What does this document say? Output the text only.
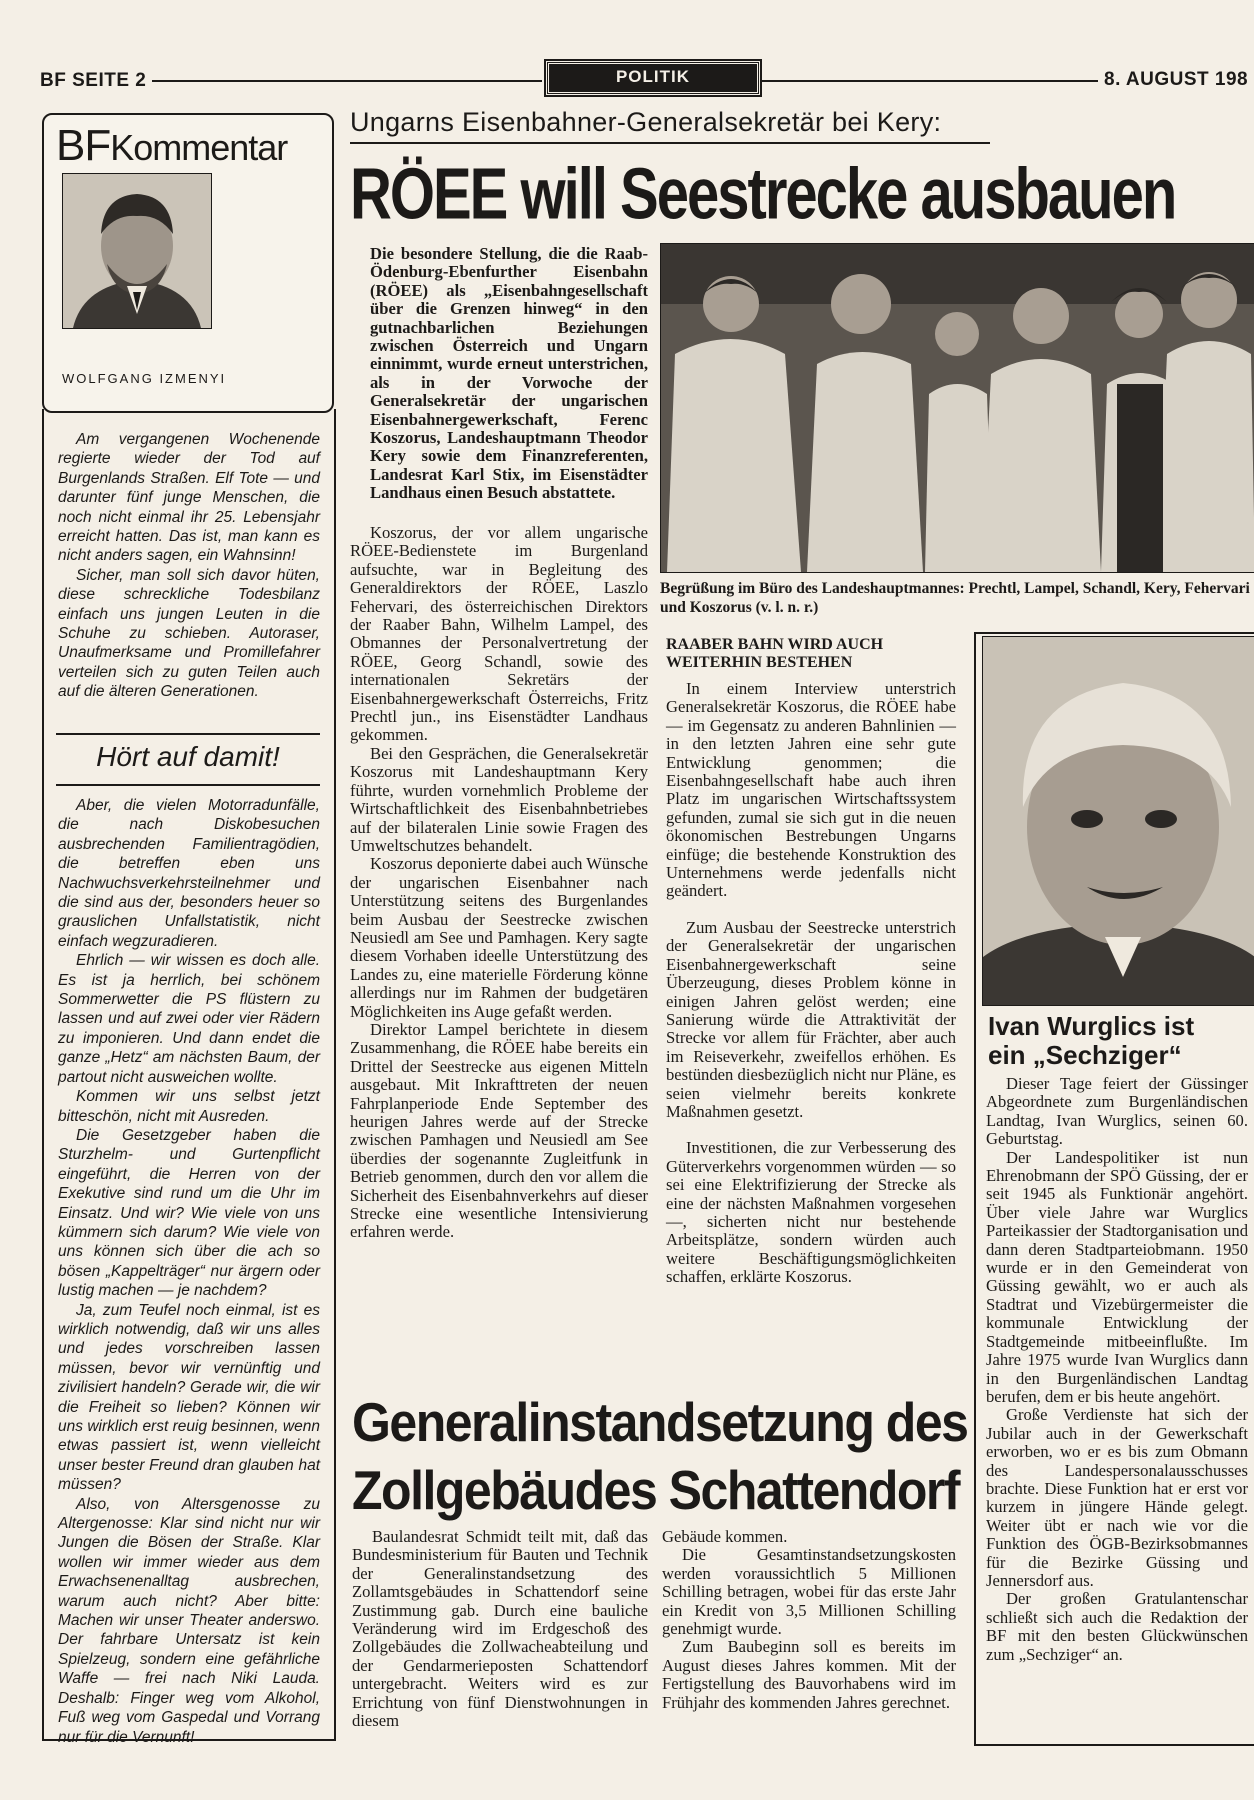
BF SEITE 2	POLITIK	8. AUGUST 198
BFKommentar
WOLFGANG IZMENYI

Am vergangenen Wochenende regierte wieder der Tod auf Burgenlands Straßen. Elf Tote — und darunter fünf junge Menschen, die noch nicht einmal ihr 25. Lebensjahr erreicht hatten. Das ist, man kann es nicht anders sagen, ein Wahnsinn!

Sicher, man soll sich davor hüten, diese schreckliche Todesbilanz einfach uns jungen Leuten in die Schuhe zu schieben. Autoraser, Unaufmerksame und Promillefahrer verteilen sich zu guten Teilen auch auf die älteren Generationen.

Hört auf damit!

Aber, die vielen Motorradunfälle, die nach Diskobesuchen ausbrechenden Familientragödien, die betreffen eben uns Nachwuchsverkehrsteilnehmer und die sind aus der, besonders heuer so grauslichen Unfallstatistik, nicht einfach wegzuradieren.

Ehrlich — wir wissen es doch alle. Es ist ja herrlich, bei schönem Sommerwetter die PS flüstern zu lassen und auf zwei oder vier Rädern zu imponieren. Und dann endet die ganze „Hetz“ am nächsten Baum, der partout nicht ausweichen wollte.

Kommen wir uns selbst jetzt bitteschön, nicht mit Ausreden.

Die Gesetzgeber haben die Sturzhelm- und Gurtenpflicht eingeführt, die Herren von der Exekutive sind rund um die Uhr im Einsatz. Und wir? Wie viele von uns kümmern sich darum? Wie viele von uns können sich über die ach so bösen „Kappelträger“ nur ärgern oder lustig machen — je nachdem?

Ja, zum Teufel noch einmal, ist es wirklich notwendig, daß wir uns alles und jedes vorschreiben lassen müssen, bevor wir vernünftig und zivilisiert handeln? Gerade wir, die wir die Freiheit so lieben? Können wir uns wirklich erst reuig besinnen, wenn etwas passiert ist, wenn vielleicht unser bester Freund dran glauben hat müssen?

Also, von Altersgenosse zu Altergenosse: Klar sind nicht nur wir Jungen die Bösen der Straße. Klar wollen wir immer wieder aus dem Erwachsenenalltag ausbrechen, warum auch nicht? Aber bitte: Machen wir unser Theater anderswo. Der fahrbare Untersatz ist kein Spielzeug, sondern eine gefährliche Waffe — frei nach Niki Lauda. Deshalb: Finger weg vom Alkohol, Fuß weg vom Gaspedal und Vorrang nur für die Vernunft!

Ungarns Eisenbahner-Generalsekretär bei Kery:
RÖEE will Seestrecke ausbauen
Die besondere Stellung, die die Raab-Ödenburg-Ebenfurther Eisenbahn (RÖEE) als „Eisenbahngesellschaft über die Grenzen hinweg“ in den gutnachbarlichen Beziehungen zwischen Österreich und Ungarn einnimmt, wurde erneut unterstrichen, als in der Vorwoche der Generalsekretär der ungarischen Eisenbahnergewerkschaft, Ferenc Koszorus, Landeshauptmann Theodor Kery sowie dem Finanzreferenten, Landesrat Karl Stix, im Eisenstädter Landhaus einen Besuch abstattete.

Koszorus, der vor allem ungarische RÖEE-Bedienstete im Burgenland aufsuchte, war in Begleitung des Generaldirektors der RÖEE, Laszlo Fehervari, des österreichischen Direktors der Raaber Bahn, Wilhelm Lampel, des Obmannes der Personalvertretung der RÖEE, Georg Schandl, sowie des internationalen Sekretärs der Eisenbahnergewerkschaft Österreichs, Fritz Prechtl jun., ins Eisenstädter Landhaus gekommen.

Bei den Gesprächen, die Generalsekretär Koszorus mit Landeshauptmann Kery führte, wurden vornehmlich Probleme der Wirtschaftlichkeit des Eisenbahnbetriebes auf der bilateralen Linie sowie Fragen des Umweltschutzes behandelt.

Koszorus deponierte dabei auch Wünsche der ungarischen Eisenbahner nach Unterstützung seitens des Burgenlandes beim Ausbau der Seestrecke zwischen Neusiedl am See und Pamhagen. Kery sagte diesem Vorhaben ideelle Unterstützung des Landes zu, eine materielle Förderung könne allerdings nur im Rahmen der budgetären Möglichkeiten ins Auge gefaßt werden.

Direktor Lampel berichtete in diesem Zusammenhang, die RÖEE habe bereits ein Drittel der Seestrecke aus eigenen Mitteln ausgebaut. Mit Inkrafttreten der neuen Fahrplanperiode Ende September des heurigen Jahres werde auf der Strecke zwischen Pamhagen und Neusiedl am See überdies der sogenannte Zugleitfunk in Betrieb genommen, durch den vor allem die Sicherheit des Eisenbahnverkehrs auf dieser Strecke eine wesentliche Intensivierung erfahren werde.

Begrüßung im Büro des Landeshauptmannes: Prechtl, Lampel, Schandl, Kery, Fehervari und Koszorus (v. l. n. r.)
RAABER BAHN WIRD AUCH WEITERHIN BESTEHEN

In einem Interview unterstrich Generalsekretär Koszorus, die RÖEE habe — im Gegensatz zu anderen Bahnlinien — in den letzten Jahren eine sehr gute Entwicklung genommen; die Eisenbahngesellschaft habe auch ihren Platz im ungarischen Wirtschaftssystem gefunden, zumal sie sich gut in die neuen ökonomischen Bestrebungen Ungarns einfüge; die bestehende Konstruktion des Unternehmens werde jedenfalls nicht geändert.

Zum Ausbau der Seestrecke unterstrich der Generalsekretär der ungarischen Eisenbahnergewerkschaft seine Überzeugung, dieses Problem könne in einigen Jahren gelöst werden; eine Sanierung würde die Attraktivität der Strecke vor allem für Frächter, aber auch im Reiseverkehr, zweifellos erhöhen. Es bestünden diesbezüglich nicht nur Pläne, es seien vielmehr bereits konkrete Maßnahmen gesetzt.

Investitionen, die zur Verbesserung des Güterverkehrs vorgenommen würden — so sei eine Elektrifizierung der Strecke als eine der nächsten Maßnahmen vorgesehen —, sicherten nicht nur bestehende Arbeitsplätze, sondern würden auch weitere Beschäftigungsmöglichkeiten schaffen, erklärte Koszorus.

Generalinstandsetzung des
Zollgebäudes Schattendorf

Baulandesrat Schmidt teilt mit, daß das Bundesministerium für Bauten und Technik der Generalinstandsetzung des Zollamtsgebäudes in Schattendorf seine Zustimmung gab. Durch eine bauliche Veränderung wird im Erdgeschoß des Zollgebäudes die Zollwacheabteilung und der Gendarmerieposten Schattendorf untergebracht. Weiters wird es zur Errichtung von fünf Dienstwohnungen in diesem

Gebäude kommen.

Die Gesamtinstandsetzungskosten werden voraussichtlich 5 Millionen Schilling betragen, wobei für das erste Jahr ein Kredit von 3,5 Millionen Schilling genehmigt wurde.

Zum Baubeginn soll es bereits im August dieses Jahres kommen. Mit der Fertigstellung des Bauvorhabens wird im Frühjahr des kommenden Jahres gerechnet.

Ivan Wurglics ist
ein „Sechziger“

Dieser Tage feiert der Güssinger Abgeordnete zum Burgenländischen Landtag, Ivan Wurglics, seinen 60. Geburtstag.

Der Landespolitiker ist nun Ehrenobmann der SPÖ Güssing, der er seit 1945 als Funktionär angehört. Über viele Jahre war Wurglics Parteikassier der Stadtorganisation und dann deren Stadtparteiobmann. 1950 wurde er in den Gemeinderat von Güssing gewählt, wo er auch als Stadtrat und Vizebürgermeister die kommunale Entwicklung der Stadtgemeinde mitbeeinflußte. Im Jahre 1975 wurde Ivan Wurglics dann in den Burgenländischen Landtag berufen, dem er bis heute angehört.

Große Verdienste hat sich der Jubilar auch in der Gewerkschaft erworben, wo er es bis zum Obmann des Landespersonalausschusses brachte. Diese Funktion hat er erst vor kurzem in jüngere Hände gelegt. Weiter übt er nach wie vor die Funktion des ÖGB-Bezirksobmannes für die Bezirke Güssing und Jennersdorf aus.

Der großen Gratulantenschar schließt sich auch die Redaktion der BF mit den besten Glückwünschen zum „Sechziger“ an.
